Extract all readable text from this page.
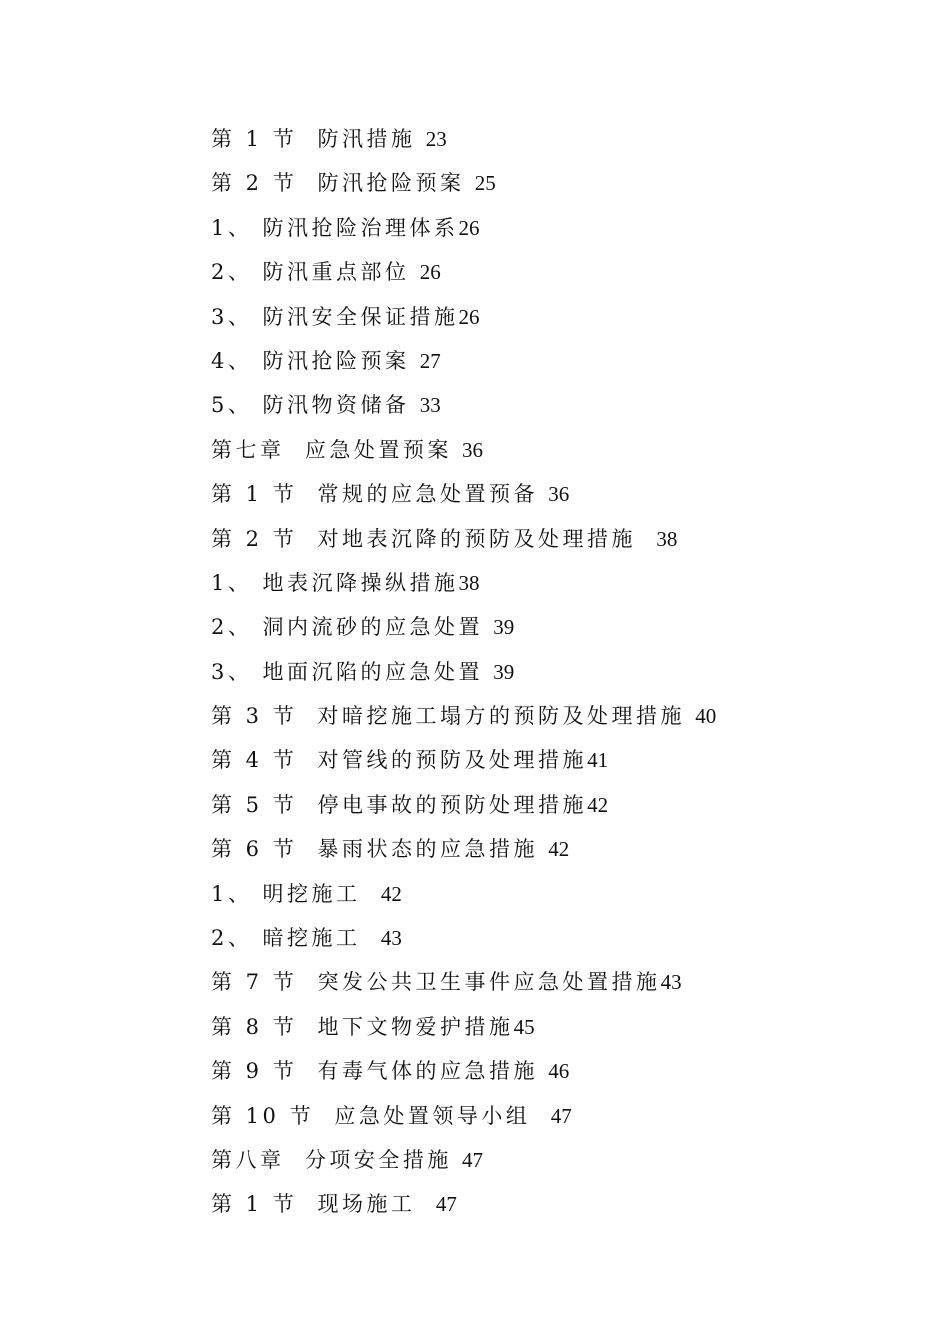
第 1 节  防汛措施 23
第 2 节  防汛抢险预案 25
1、 防汛抢险治理体系26
2、 防汛重点部位 26
3、 防汛安全保证措施26
4、 防汛抢险预案 27
5、 防汛物资储备 33
第七章  应急处置预案 36
第 1 节  常规的应急处置预备 36
第 2 节  对地表沉降的预防及处理措施  38
1、 地表沉降操纵措施38
2、 洞内流砂的应急处置 39
3、 地面沉陷的应急处置 39
第 3 节  对暗挖施工塌方的预防及处理措施 40
第 4 节  对管线的预防及处理措施41
第 5 节  停电事故的预防处理措施42
第 6 节  暴雨状态的应急措施 42
1、 明挖施工  42
2、 暗挖施工  43
第 7 节  突发公共卫生事件应急处置措施43
第 8 节  地下文物爱护措施45
第 9 节  有毒气体的应急措施 46
第 10 节  应急处置领导小组  47
第八章  分项安全措施 47
第 1 节  现场施工  47
